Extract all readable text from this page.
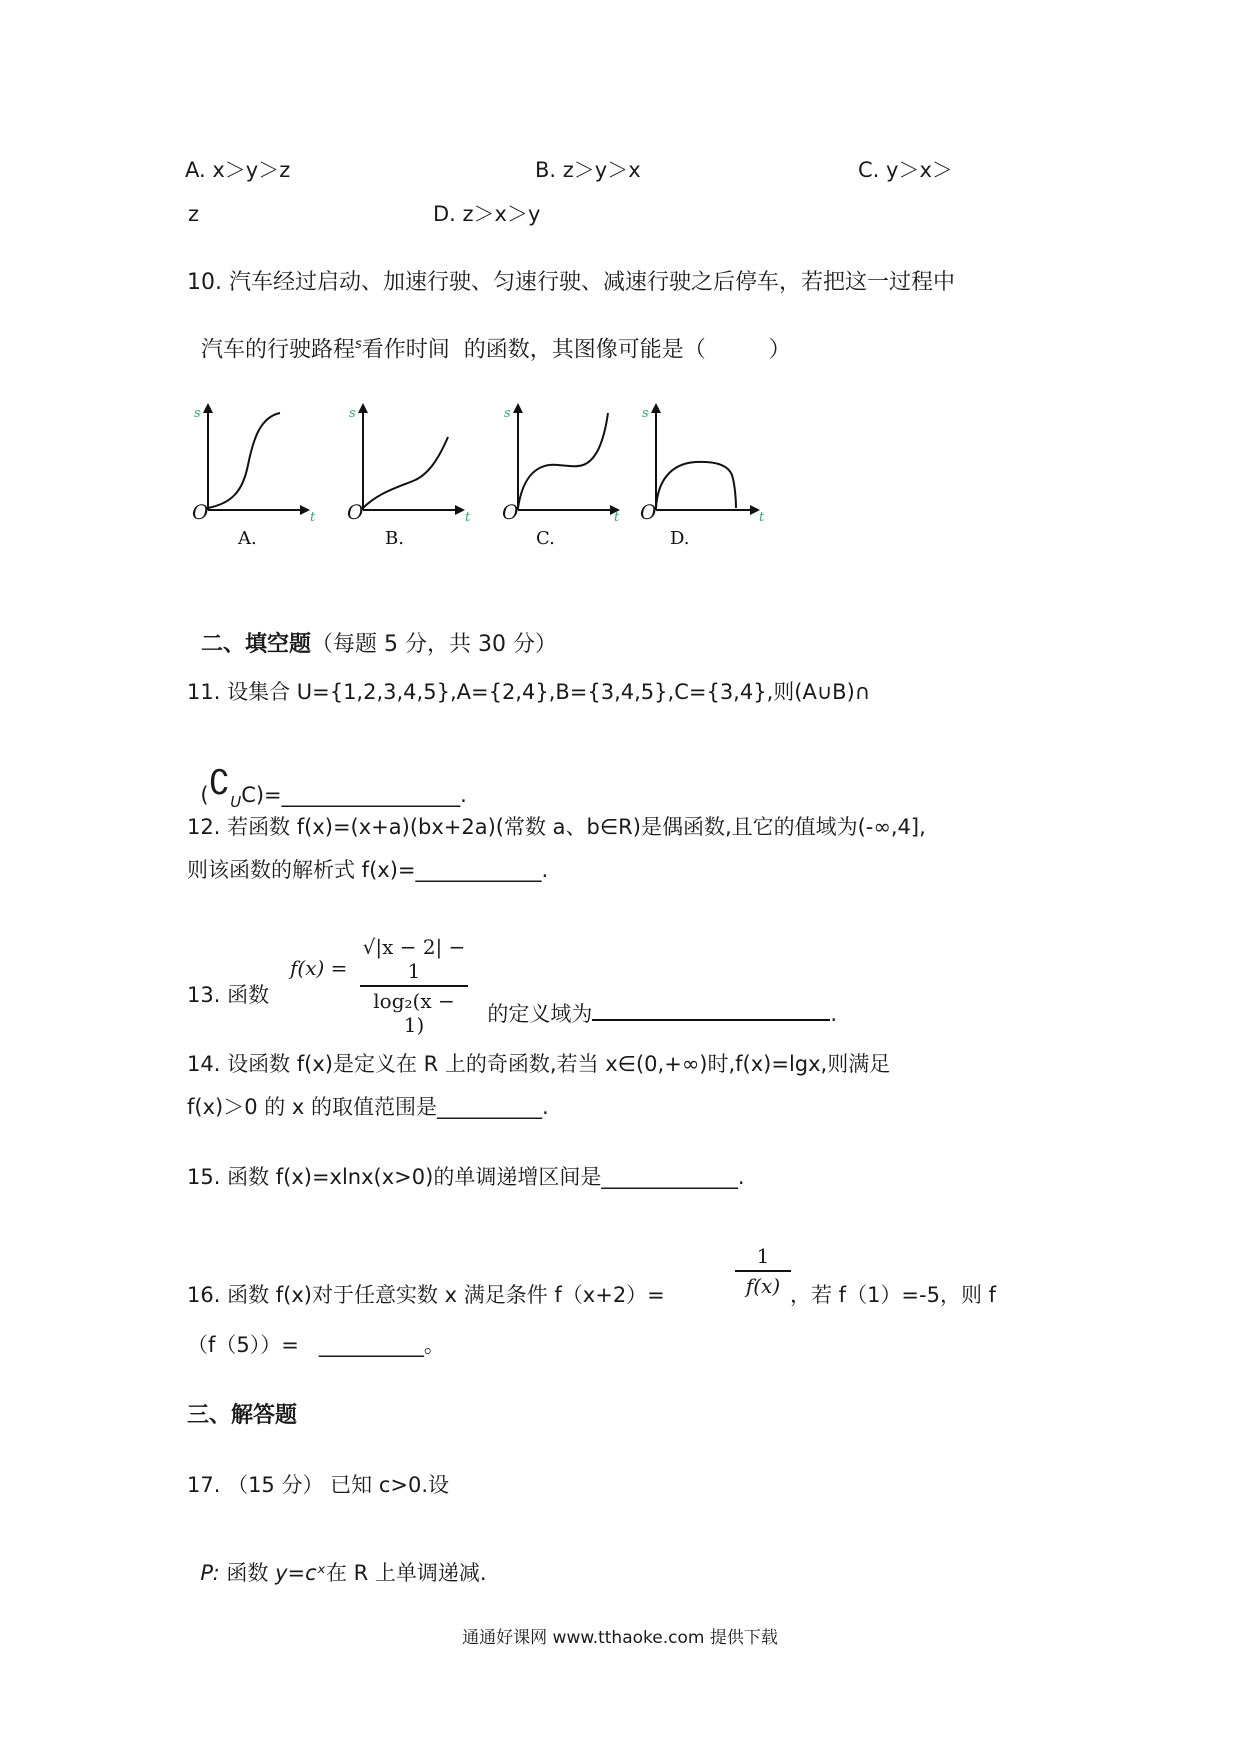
A. x＞y＞z	B. z＞y＞x	C. y＞x＞
z	D. z＞x＞y
10. 汽车经过启动、加速行驶、匀速行驶、减速行驶之后停车，若把这一过程中

汽车的行驶路程$^s$看作时间  的函数，其图像可能是（         ）

s
t
O
A.
s
t
O
B.
s
t
O
C.
s
t
O
D.

二、填空题（每题 5 分，共 30 分）

11. 设集合 U={1,2,3,4,5},A={2,4},B={3,4,5},C={3,4},则(A∪B)∩

$(∁_UC)=\_\_\_\_\_\_\_\_\_\_\_\_\_\_\_\_\_$.

12. 若函数 f(x)=(x+a)(bx+2a)(常数 a、b∈R)是偶函数,且它的值域为(-∞,4],
则该函数的解析式 f(x)=____________.
13. 函数
f(x) =
√|x − 2| − 1
log₂(x − 1)	的定义域为	.

14. 设函数 f(x)是定义在 R 上的奇函数,若当 x∈(0,+∞)时,f(x)=lgx,则满足
f(x)＞0 的 x 的取值范围是__________.
15. 函数 f(x)=xlnx(x>0)的单调递增区间是_____________.
16. 函数 f(x)对于任意实数 x 满足条件 f（x+2）=
1
f(x) ，若 f（1）=-5，则 f
（f（5））=   __________。
三、解答题
17. （15 分） 已知 c>0.设

P: 函数 y=cˣ在 R 上单调递减.

通通好课网 www.tthaoke.com 提供下载
